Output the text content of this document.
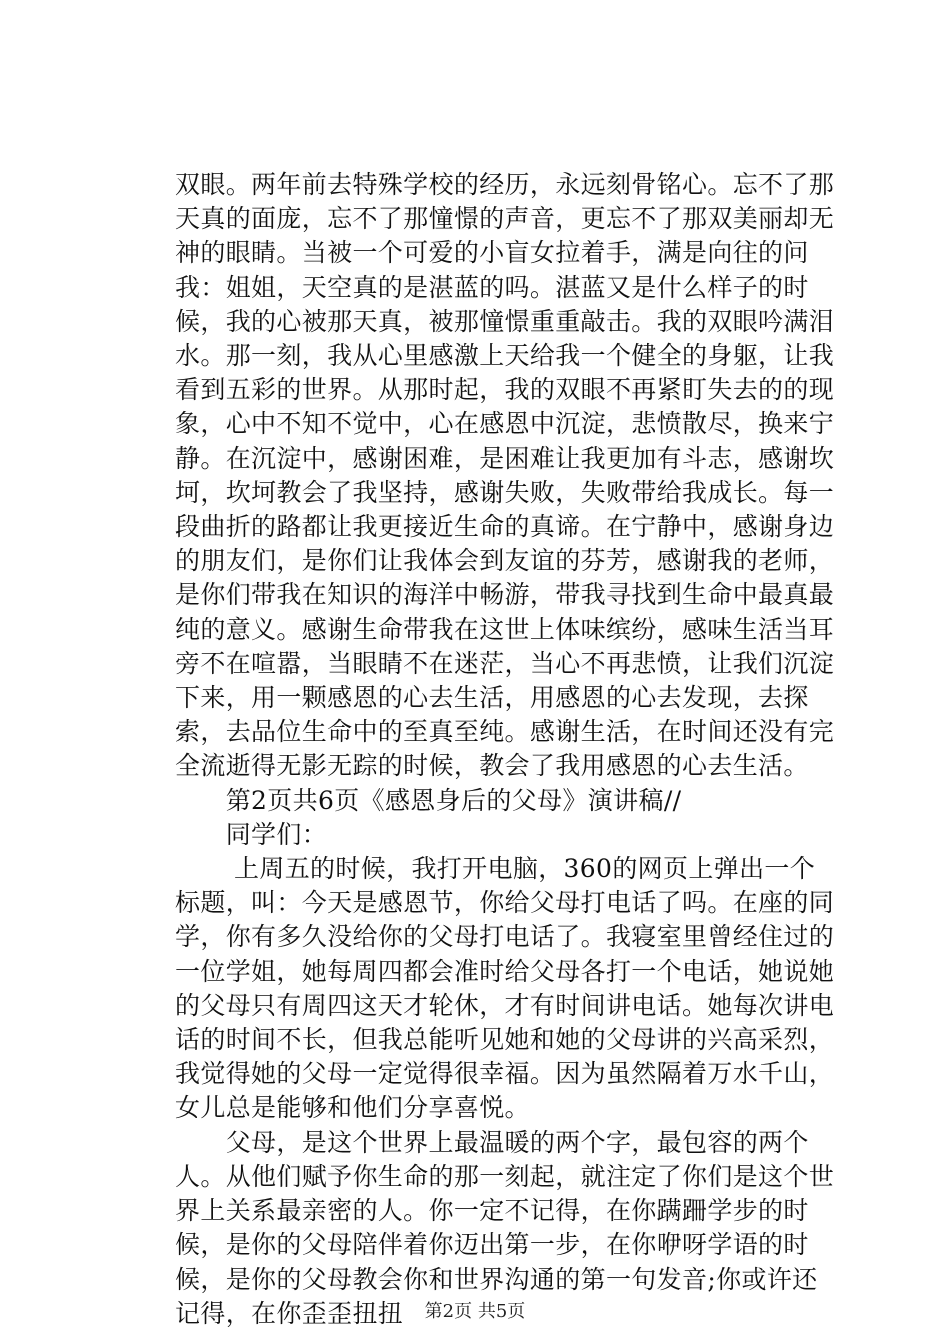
双眼。两年前去特殊学校的经历，永远刻骨铭心。忘不了那天真的面庞，忘不了那憧憬的声音，更忘不了那双美丽却无神的眼睛。当被一个可爱的小盲女拉着手，满是向往的问我：姐姐，天空真的是湛蓝的吗。湛蓝又是什么样子的时候，我的心被那天真，被那憧憬重重敲击。我的双眼吟满泪水。那一刻，我从心里感激上天给我一个健全的身躯，让我看到五彩的世界。从那时起，我的双眼不再紧盯失去的的现象，心中不知不觉中，心在感恩中沉淀，悲愤散尽，换来宁静。在沉淀中，感谢困难，是困难让我更加有斗志，感谢坎坷，坎坷教会了我坚持，感谢失败，失败带给我成长。每一段曲折的路都让我更接近生命的真谛。在宁静中，感谢身边的朋友们，是你们让我体会到友谊的芬芳，感谢我的老师，是你们带我在知识的海洋中畅游，带我寻找到生命中最真最纯的意义。感谢生命带我在这世上体味缤纷，感味生活当耳旁不在喧嚣，当眼睛不在迷茫，当心不再悲愤，让我们沉淀下来，用一颗感恩的心去生活，用感恩的心去发现，去探索，去品位生命中的至真至纯。感谢生活，在时间还没有完全流逝得无影无踪的时候，教会了我用感恩的心去生活。

　　第2页共6页《感恩身后的父母》演讲稿//

　　同学们：

　　 上周五的时候，我打开电脑，360的网页上弹出一个标题，叫：今天是感恩节，你给父母打电话了吗。在座的同学，你有多久没给你的父母打电话了。我寝室里曾经住过的一位学姐，她每周四都会准时给父母各打一个电话，她说她的父母只有周四这天才轮休，才有时间讲电话。她每次讲电话的时间不长，但我总能听见她和她的父母讲的兴高采烈，我觉得她的父母一定觉得很幸福。因为虽然隔着万水千山，女儿总是能够和他们分享喜悦。

　　父母，是这个世界上最温暖的两个字，最包容的两个人。从他们赋予你生命的那一刻起，就注定了你们是这个世界上关系最亲密的人。你一定不记得，在你蹒跚学步的时候，是你的父母陪伴着你迈出第一步，在你咿呀学语的时候，是你的父母教会你和世界沟通的第一句发音;你或许还记得，在你歪歪扭扭	第2页 共5页
